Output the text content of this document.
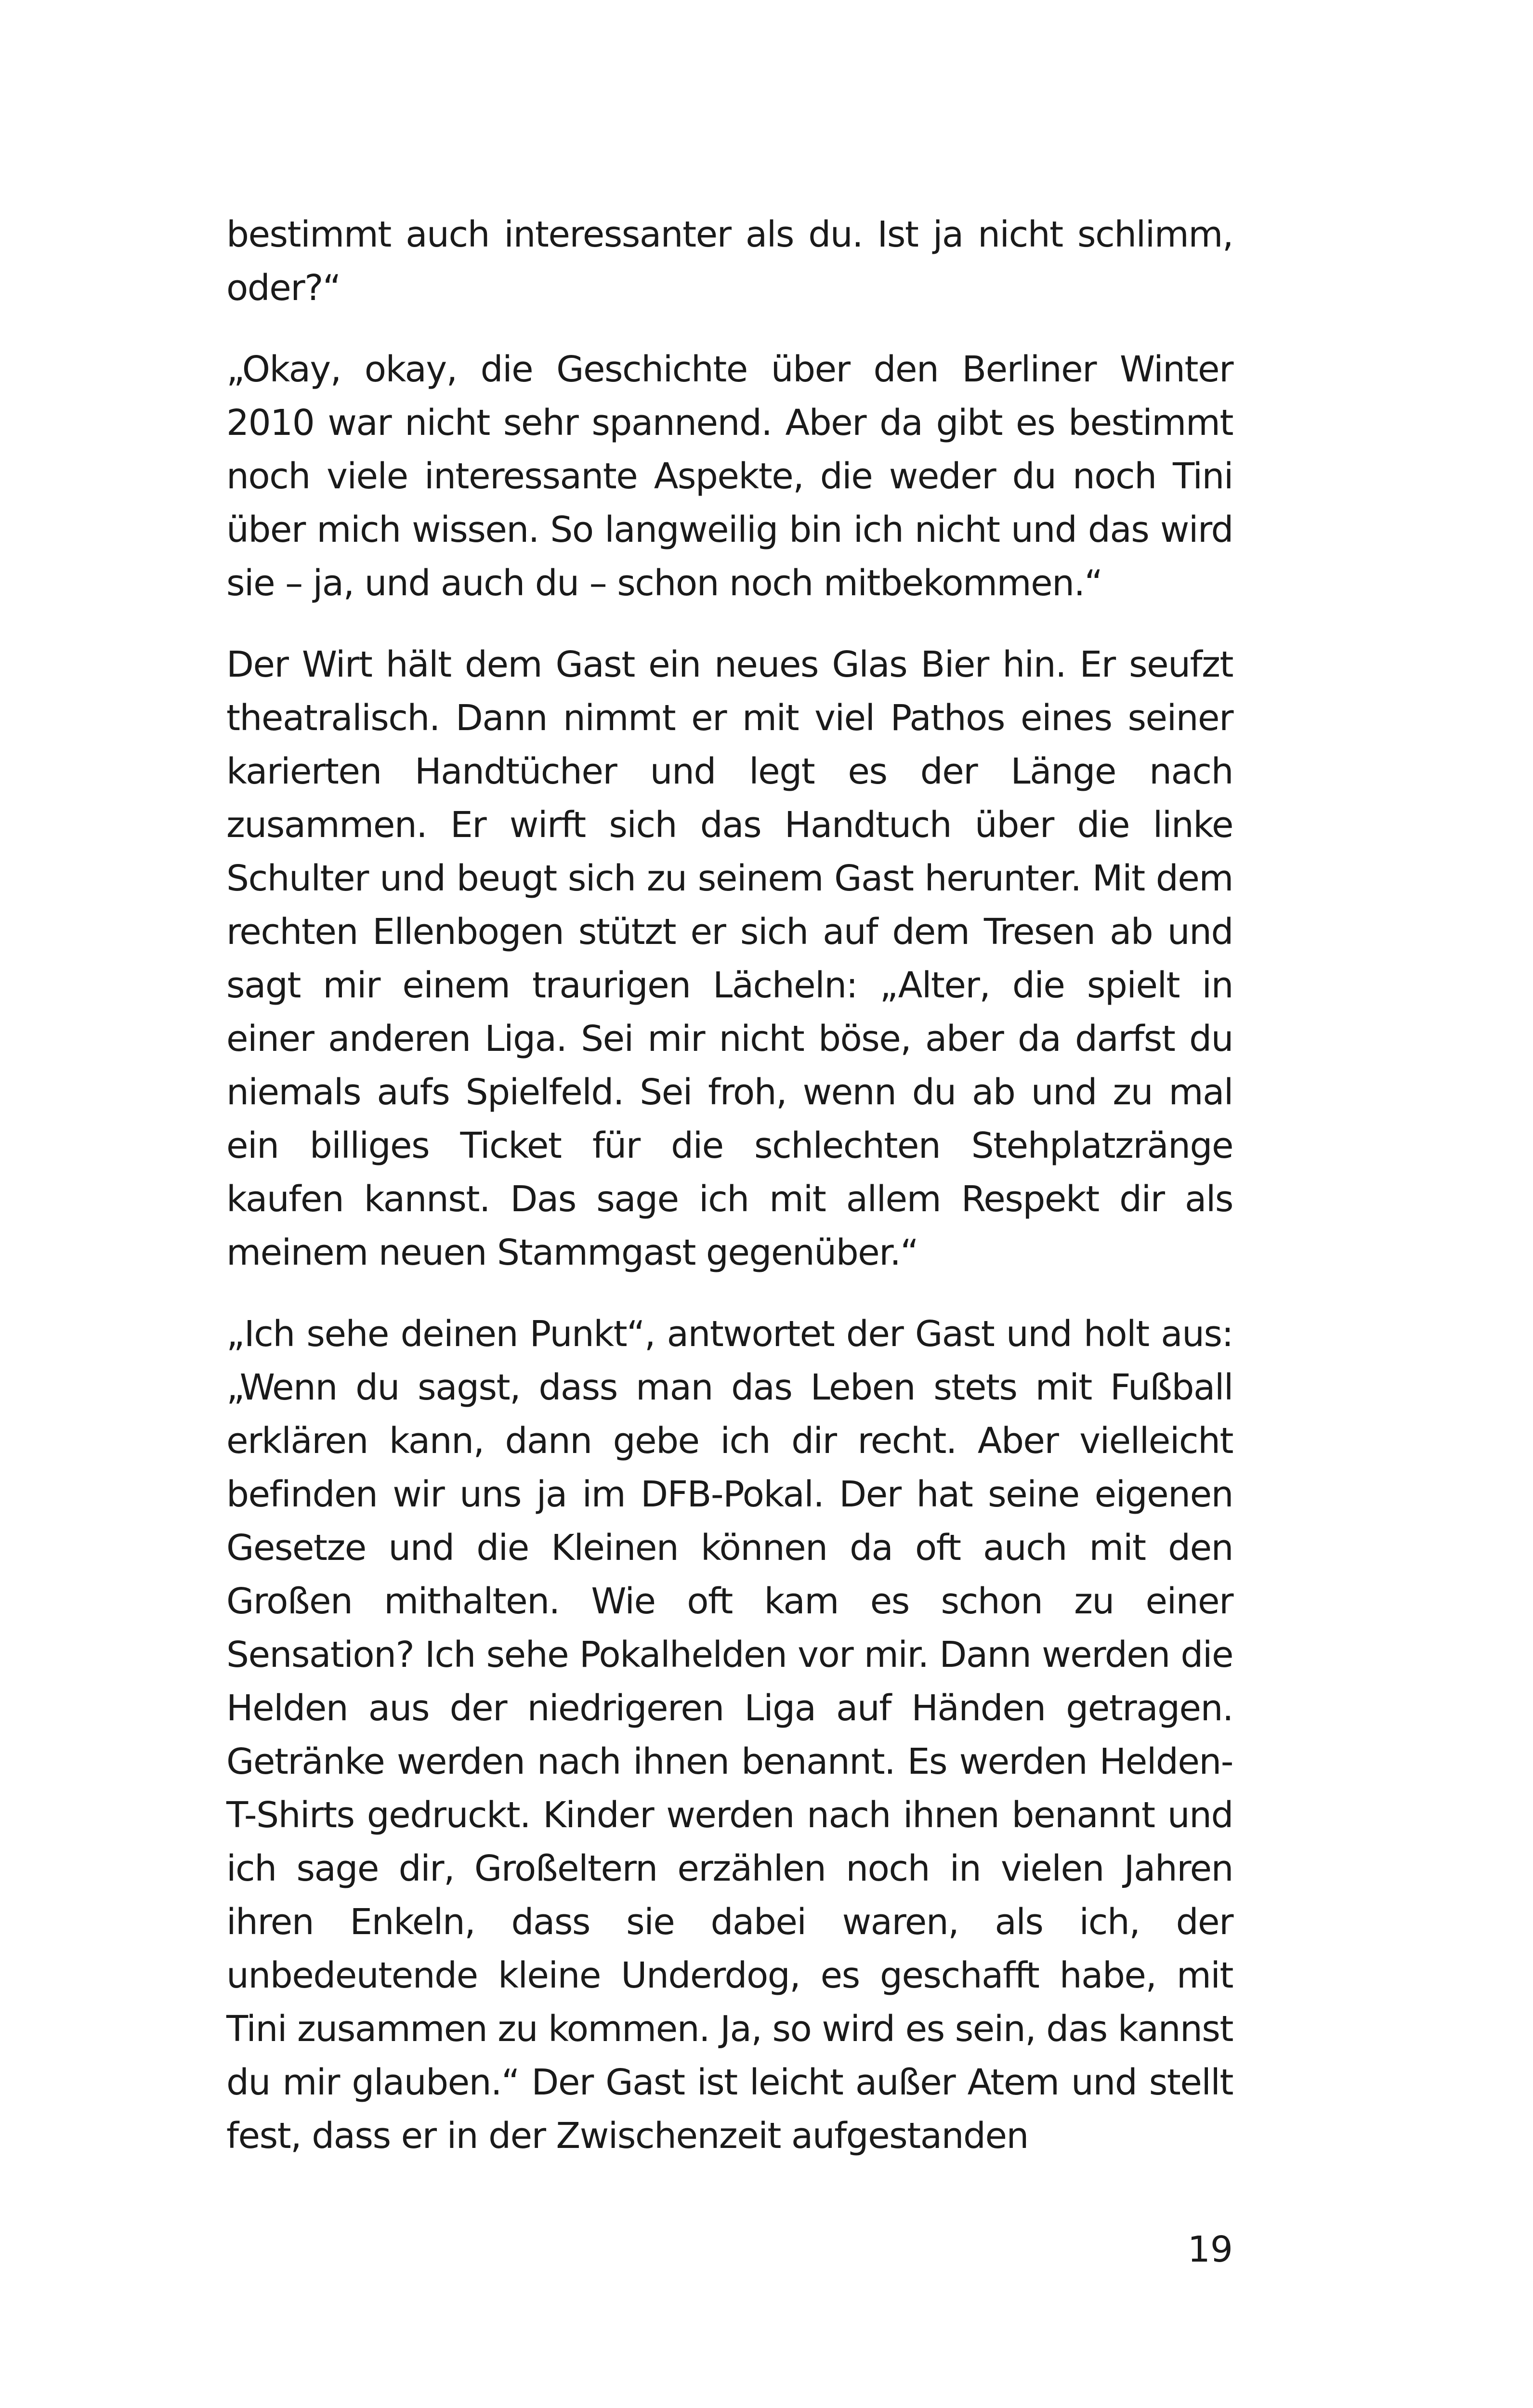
bestimmt auch interessanter als du. Ist ja nicht schlimm, oder?“

„Okay, okay, die Geschichte über den Berliner Winter 2010 war nicht sehr spannend. Aber da gibt es bestimmt noch viele interessante Aspekte, die weder du noch Tini über mich wissen. So langweilig bin ich nicht und das wird sie – ja, und auch du – schon noch mitbekommen.“

Der Wirt hält dem Gast ein neues Glas Bier hin. Er seufzt theatralisch. Dann nimmt er mit viel Pathos eines seiner karierten Handtücher und legt es der Länge nach zusammen. Er wirft sich das Handtuch über die linke Schulter und beugt sich zu seinem Gast herunter. Mit dem rechten Ellenbogen stützt er sich auf dem Tresen ab und sagt mir einem traurigen Lächeln: „Alter, die spielt in einer anderen Liga. Sei mir nicht böse, aber da darfst du niemals aufs Spielfeld. Sei froh, wenn du ab und zu mal ein billiges Ticket für die schlechten Stehplatzränge kaufen kannst. Das sage ich mit allem Respekt dir als meinem neuen Stammgast gegenüber.“

„Ich sehe deinen Punkt“, antwortet der Gast und holt aus: „Wenn du sagst, dass man das Leben stets mit Fußball erklären kann, dann gebe ich dir recht. Aber vielleicht befinden wir uns ja im DFB-Pokal. Der hat seine eigenen Gesetze und die Kleinen können da oft auch mit den Großen mithalten. Wie oft kam es schon zu einer Sensation? Ich sehe Pokalhelden vor mir. Dann werden die Helden aus der niedrigeren Liga auf Händen getragen. Getränke werden nach ihnen benannt. Es werden Helden-T-Shirts gedruckt. Kinder werden nach ihnen benannt und ich sage dir, Großeltern erzählen noch in vielen Jahren ihren Enkeln, dass sie dabei waren, als ich, der unbedeutende kleine Underdog, es geschafft habe, mit Tini zusammen zu kommen. Ja, so wird es sein, das kannst du mir glauben.“ Der Gast ist leicht außer Atem und stellt fest, dass er in der Zwischenzeit aufgestanden

19
